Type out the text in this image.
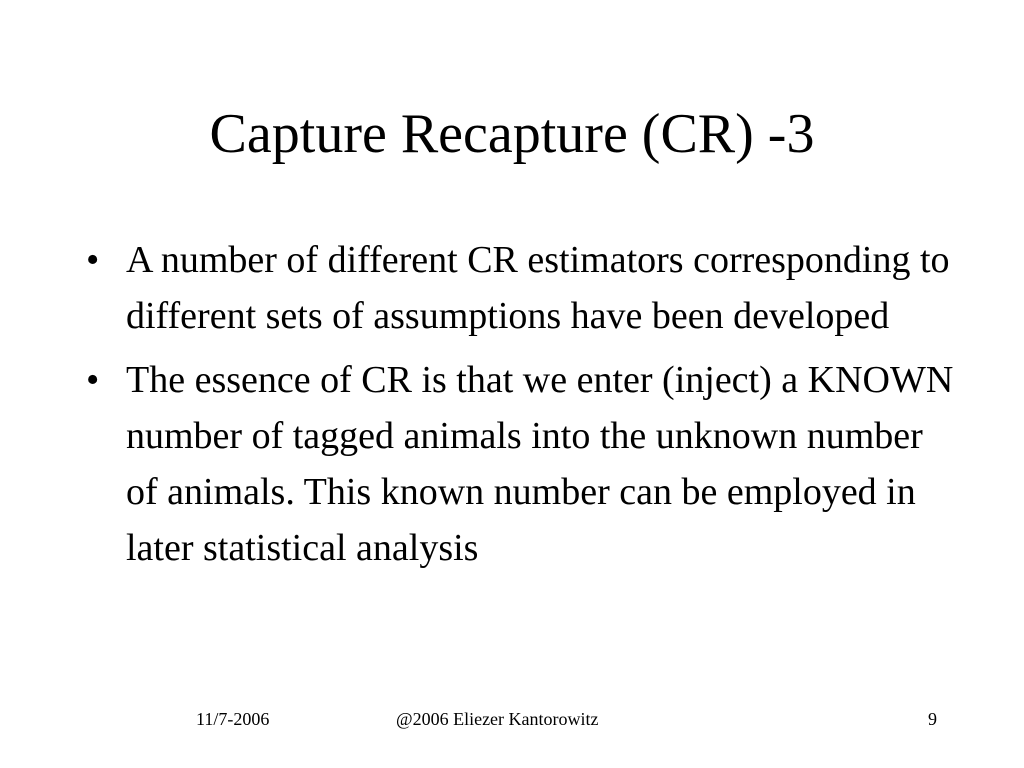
Capture Recapture (CR) -3
• A number of different CR estimators corresponding to different sets of assumptions have been developed
• The essence of CR is that we enter (inject) a KNOWN number of tagged animals into the unknown number of animals. This known number can be employed in later statistical analysis
11/7-2006	@2006 Eliezer Kantorowitz	9
